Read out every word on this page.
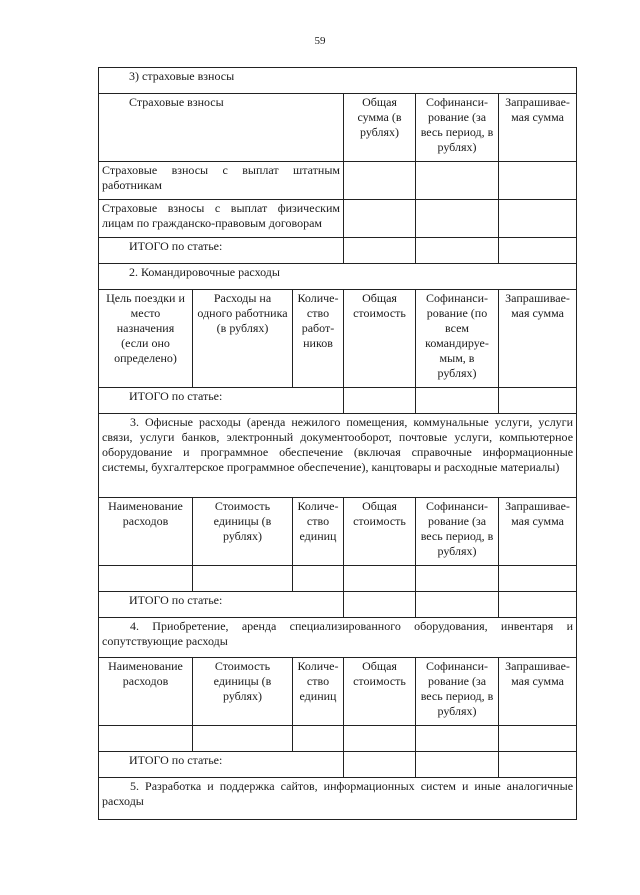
59
3) страховые взносы					
Страховые взносы			Общая сумма (в рублях)	Софинанси-рование (за весь период, в рублях)	Запрашивае-мая сумма
Страховые взносы с выплат штатным работникам					
Страховые взносы с выплат физическим лицам по гражданско-правовым договорам					
ИТОГО по статье:					
2. Командировочные расходы					
Цель поездки и место назначения (если оно определено)	Расходы на одного работника (в рублях)	Количе-ство работ-ников	Общая стоимость	Софинанси-рование (по всем командируе-мым, в рублях)	Запрашивае-мая сумма
ИТОГО по статье:					
3. Офисные расходы (аренда нежилого помещения, коммунальные услуги, услуги связи, услуги банков, электронный документооборот, почтовые услуги, компьютерное оборудование и программное обеспечение (включая справочные информационные системы, бухгалтерское программное обеспечение), канцтовары и расходные материалы)					
Наименование расходов	Стоимость единицы (в рублях)	Количе-ство единиц	Общая стоимость	Софинанси-рование (за весь период, в рублях)	Запрашивае-мая сумма

ИТОГО по статье:					
4. Приобретение, аренда специализированного оборудования, инвентаря и сопутствующие расходы					
Наименование расходов	Стоимость единицы (в рублях)	Количе-ство единиц	Общая стоимость	Софинанси-рование (за весь период, в рублях)	Запрашивае-мая сумма

ИТОГО по статье:					
5. Разработка и поддержка сайтов, информационных систем и иные аналогичные расходы					
